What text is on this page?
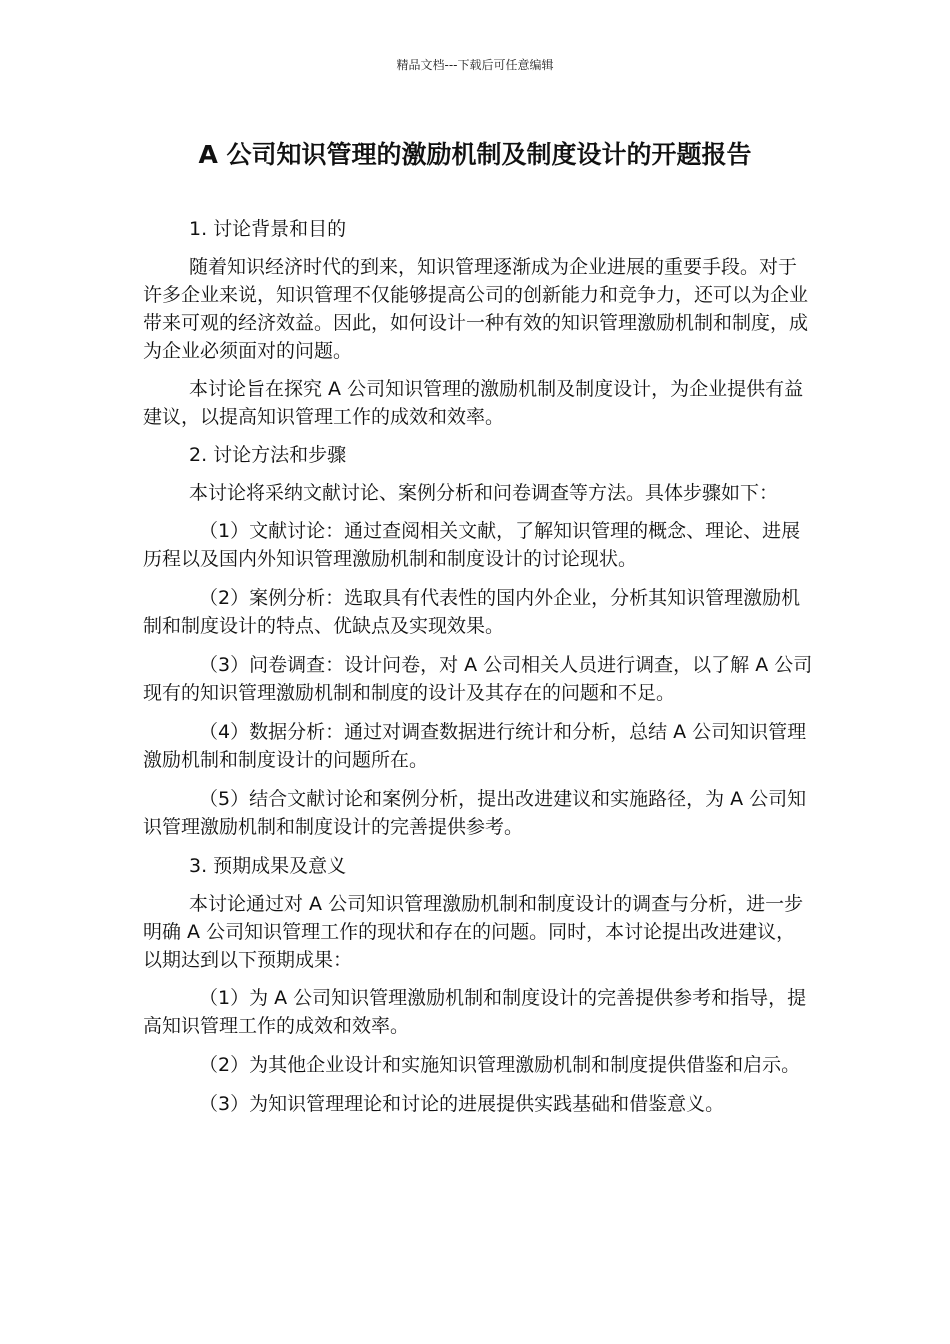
精品文档---下载后可任意编辑
A 公司知识管理的激励机制及制度设计的开题报告

1. 讨论背景和目的

随着知识经济时代的到来，知识管理逐渐成为企业进展的重要手段。对于许多企业来说，知识管理不仅能够提高公司的创新能力和竞争力，还可以为企业带来可观的经济效益。因此，如何设计一种有效的知识管理激励机制和制度，成为企业必须面对的问题。

本讨论旨在探究 A 公司知识管理的激励机制及制度设计，为企业提供有益建议，以提高知识管理工作的成效和效率。

2. 讨论方法和步骤

本讨论将采纳文献讨论、案例分析和问卷调查等方法。具体步骤如下：

（1）文献讨论：通过查阅相关文献，了解知识管理的概念、理论、进展历程以及国内外知识管理激励机制和制度设计的讨论现状。

（2）案例分析：选取具有代表性的国内外企业，分析其知识管理激励机制和制度设计的特点、优缺点及实现效果。

（3）问卷调查：设计问卷，对 A 公司相关人员进行调查，以了解 A 公司现有的知识管理激励机制和制度的设计及其存在的问题和不足。

（4）数据分析：通过对调查数据进行统计和分析，总结 A 公司知识管理激励机制和制度设计的问题所在。

（5）结合文献讨论和案例分析，提出改进建议和实施路径，为 A 公司知识管理激励机制和制度设计的完善提供参考。

3. 预期成果及意义

本讨论通过对 A 公司知识管理激励机制和制度设计的调查与分析，进一步明确 A 公司知识管理工作的现状和存在的问题。同时，本讨论提出改进建议，以期达到以下预期成果：

（1）为 A 公司知识管理激励机制和制度设计的完善提供参考和指导，提高知识管理工作的成效和效率。

（2）为其他企业设计和实施知识管理激励机制和制度提供借鉴和启示。

（3）为知识管理理论和讨论的进展提供实践基础和借鉴意义。
